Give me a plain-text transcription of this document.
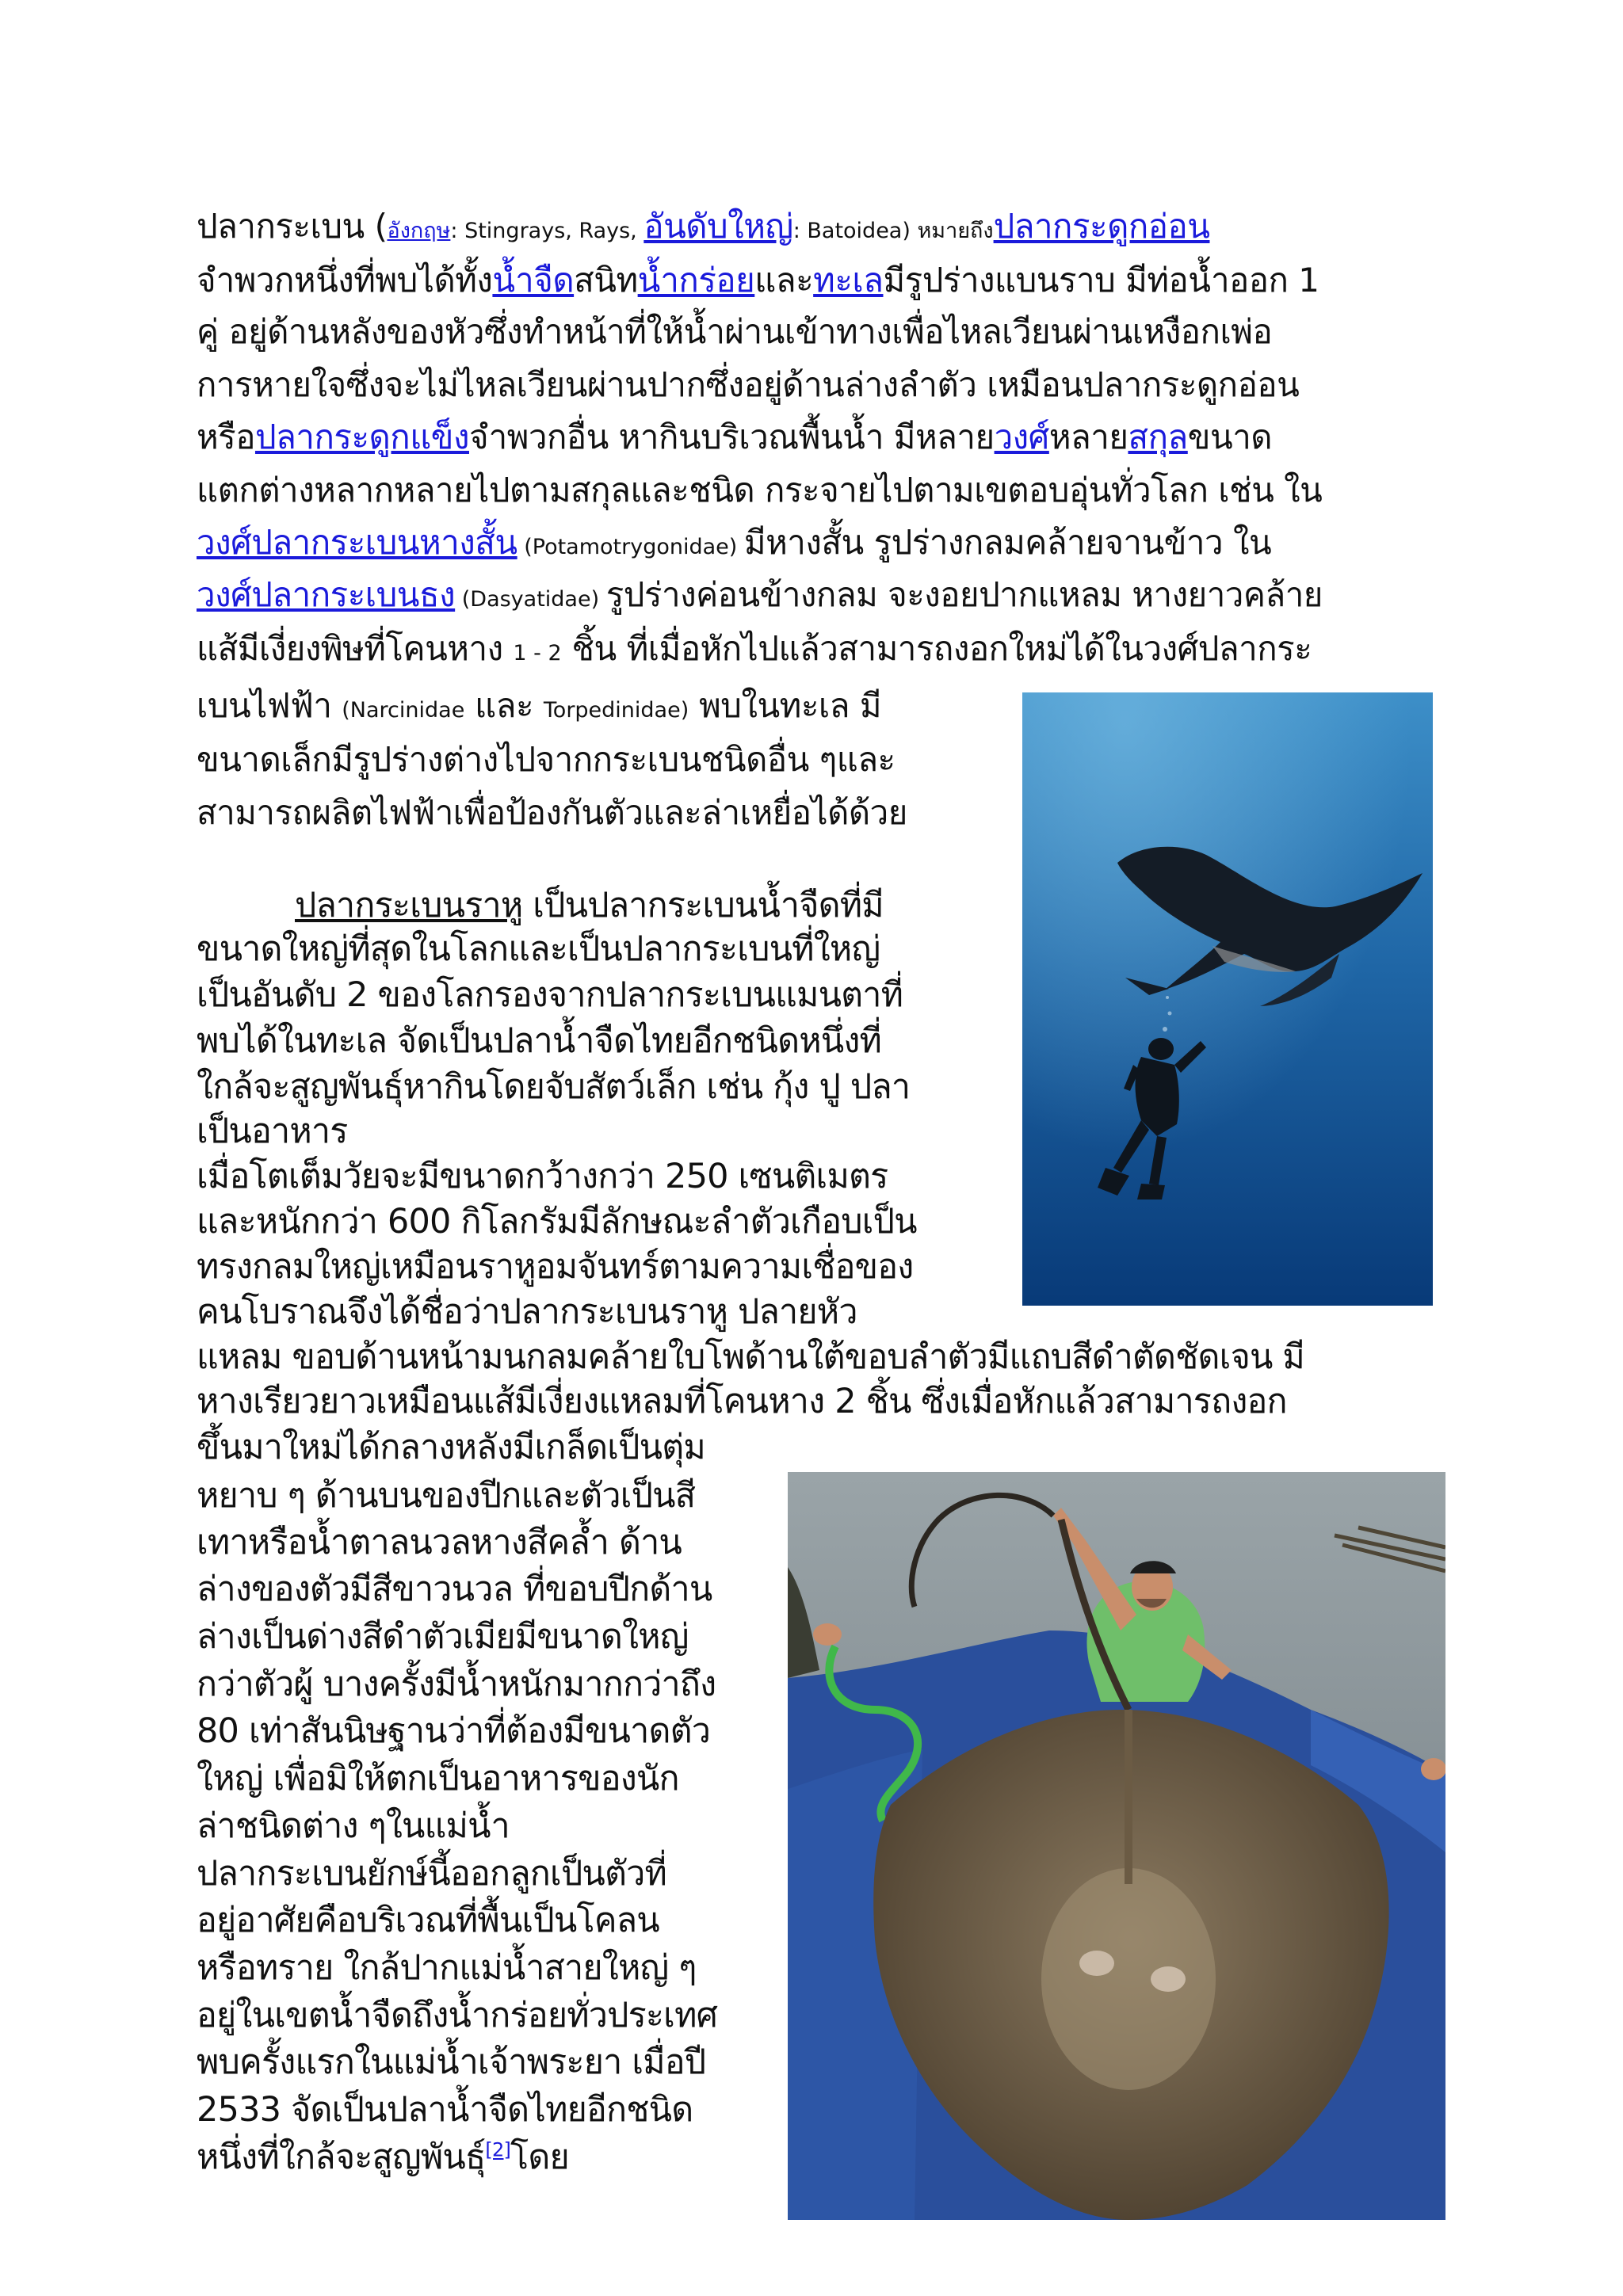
ปลากระเบน (อังกฤษ: Stingrays, Rays, อันดับใหญ่: Batoidea) หมายถึงปลากระดูกอ่อน
จำพวกหนึ่งที่พบได้ทั้งน้ำจืดสนิทน้ำกร่อยและทะเลมีรูปร่างแบนราบ มีท่อน้ำออก 1
คู่ อยู่ด้านหลังของหัวซึ่งทำหน้าที่ให้น้ำผ่านเข้าทางเพื่อไหลเวียนผ่านเหงือกเพ่อ
การหายใจซึ่งจะไม่ไหลเวียนผ่านปากซึ่งอยู่ด้านล่างลำตัว เหมือนปลากระดูกอ่อน
หรือปลากระดูกแข็งจำพวกอื่น หากินบริเวณพื้นน้ำ มีหลายวงศ์หลายสกุลขนาด
แตกต่างหลากหลายไปตามสกุลและชนิด กระจายไปตามเขตอบอุ่นทั่วโลก เช่น ใน
วงศ์ปลากระเบนหางสั้น (Potamotrygonidae) มีหางสั้น รูปร่างกลมคล้ายจานข้าว ใน
วงศ์ปลากระเบนธง (Dasyatidae) รูปร่างค่อนข้างกลม จะงอยปากแหลม หางยาวคล้าย
แส้มีเงี่ยงพิษที่โคนหาง 1 - 2 ชิ้น ที่เมื่อหักไปแล้วสามารถงอกใหม่ได้ในวงศ์ปลากระ
เบนไฟฟ้า (Narcinidae และ Torpedinidae) พบในทะเล มี
ขนาดเล็กมีรูปร่างต่างไปจากกระเบนชนิดอื่น ๆและ
สามารถผลิตไฟฟ้าเพื่อป้องกันตัวและล่าเหยื่อได้ด้วย
ปลากระเบนราหู เป็นปลากระเบนน้ำจืดที่มี
ขนาดใหญ่ที่สุดในโลกและเป็นปลากระเบนที่ใหญ่
เป็นอันดับ 2 ของโลกรองจากปลากระเบนแมนตาที่
พบได้ในทะเล จัดเป็นปลาน้ำจืดไทยอีกชนิดหนึ่งที่
ใกล้จะสูญพันธุ์หากินโดยจับสัตว์เล็ก เช่น กุ้ง ปู ปลา
เป็นอาหาร
เมื่อโตเต็มวัยจะมีขนาดกว้างกว่า 250 เซนติเมตร
และหนักกว่า 600 กิโลกรัมมีลักษณะลำตัวเกือบเป็น
ทรงกลมใหญ่เหมือนราหูอมจันทร์ตามความเชื่อของ
คนโบราณจึงได้ชื่อว่าปลากระเบนราหู ปลายหัว
แหลม ขอบด้านหน้ามนกลมคล้ายใบโพด้านใต้ขอบลำตัวมีแถบสีดำตัดชัดเจน มี
หางเรียวยาวเหมือนแส้มีเงี่ยงแหลมที่โคนหาง 2 ชิ้น ซึ่งเมื่อหักแล้วสามารถงอก
ขึ้นมาใหม่ได้กลางหลังมีเกล็ดเป็นตุ่ม
หยาบ ๆ ด้านบนของปีกและตัวเป็นสี
เทาหรือน้ำตาลนวลหางสีคล้ำ ด้าน
ล่างของตัวมีสีขาวนวล ที่ขอบปีกด้าน
ล่างเป็นด่างสีดำตัวเมียมีขนาดใหญ่
กว่าตัวผู้ บางครั้งมีน้ำหนักมากกว่าถึง
80 เท่าสันนิษฐานว่าที่ต้องมีขนาดตัว
ใหญ่ เพื่อมิให้ตกเป็นอาหารของนัก
ล่าชนิดต่าง ๆในแม่น้ำ
ปลากระเบนยักษ์นี้ออกลูกเป็นตัวที่
อยู่อาศัยคือบริเวณที่พื้นเป็นโคลน
หรือทราย ใกล้ปากแม่น้ำสายใหญ่ ๆ
อยู่ในเขตน้ำจืดถึงน้ำกร่อยทั่วประเทศ
พบครั้งแรกในแม่น้ำเจ้าพระยา เมื่อปี
2533 จัดเป็นปลาน้ำจืดไทยอีกชนิด
หนึ่งที่ใกล้จะสูญพันธุ์[2]โดย
